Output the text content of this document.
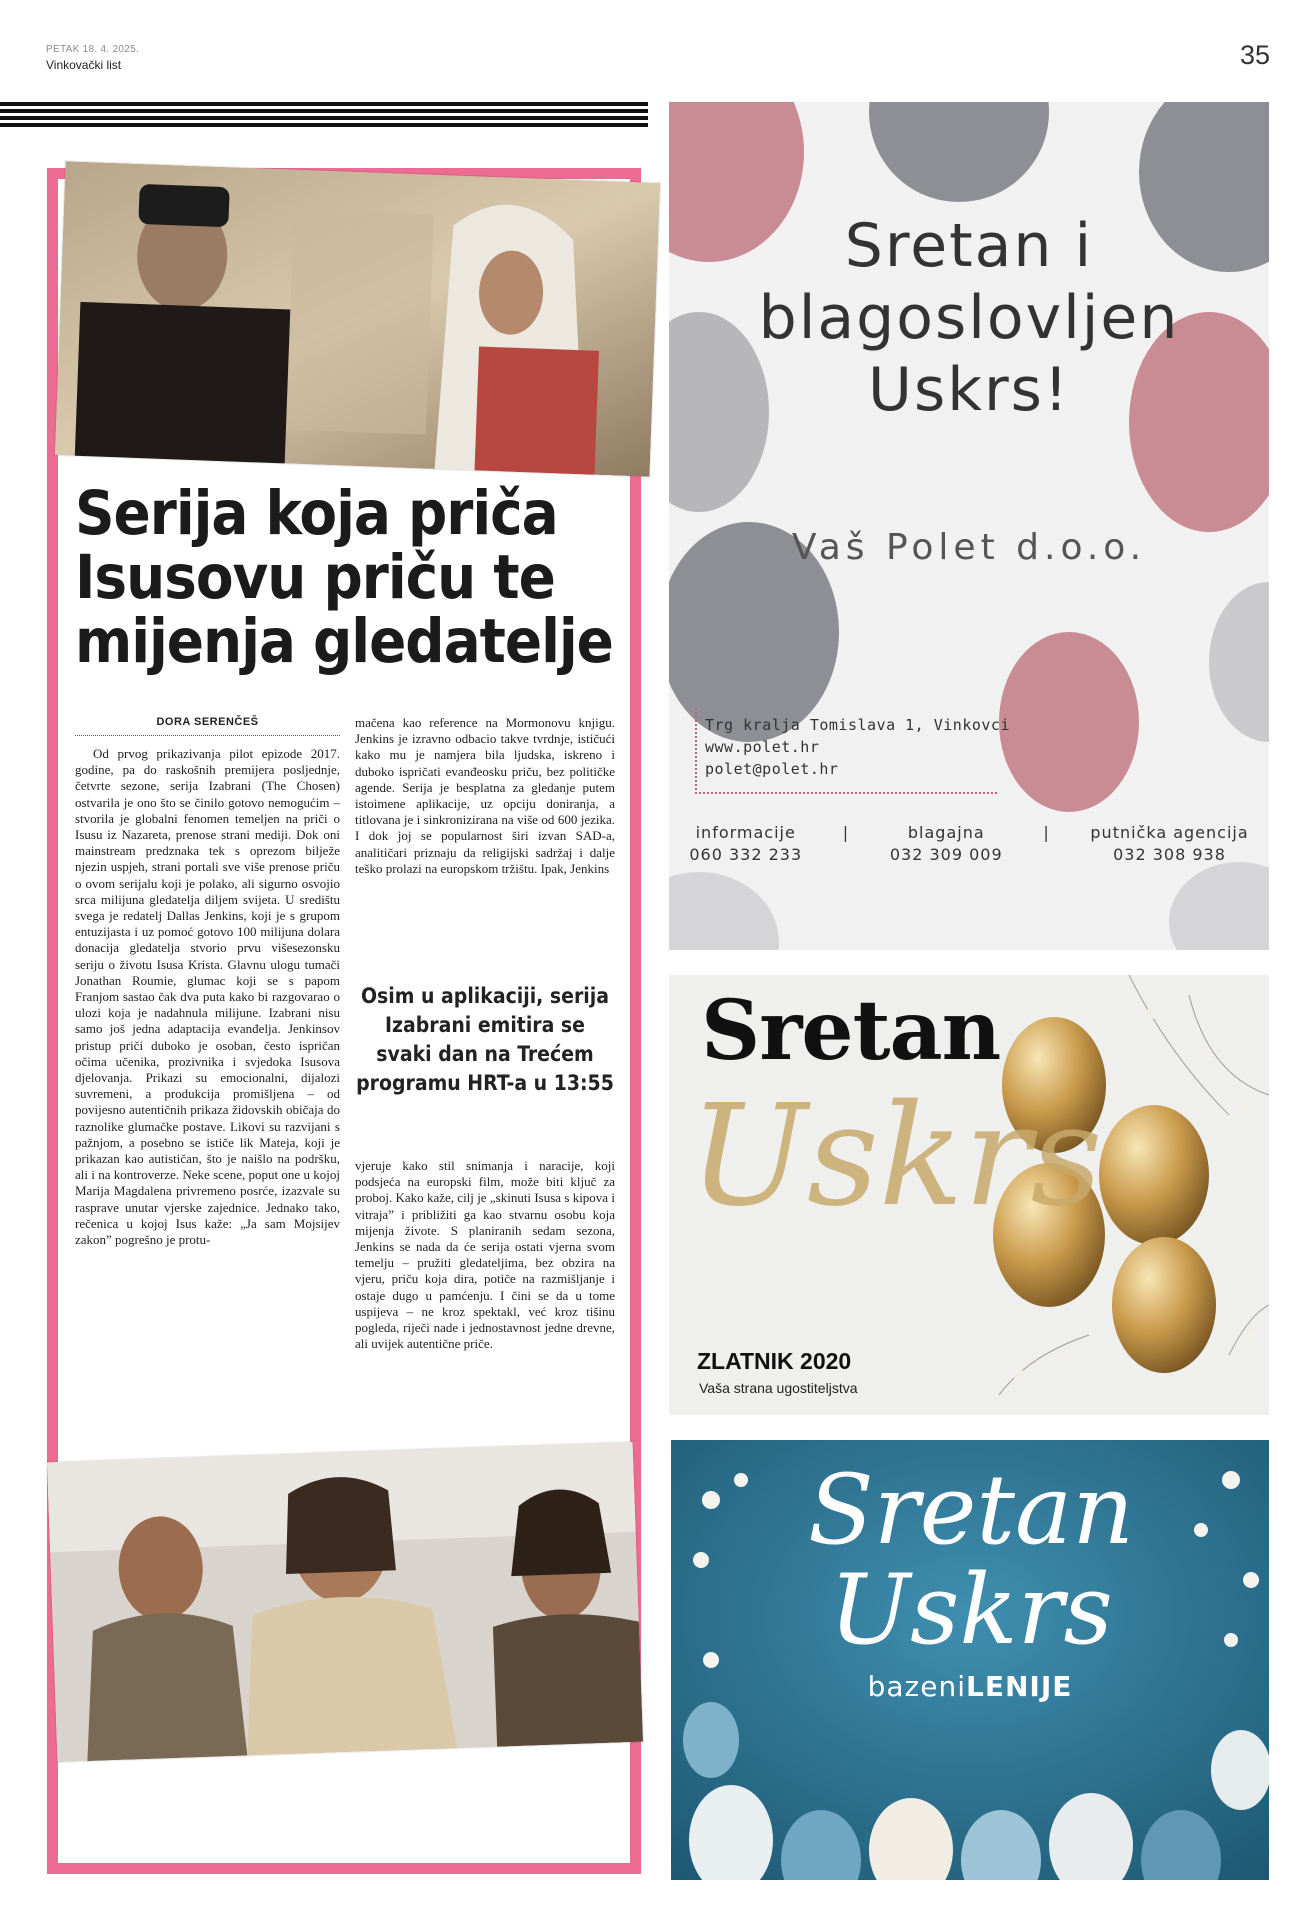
PETAK 18. 4. 2025.
Vinkovački list	35
Serija koja priča Isusovu priču te mijenja gledatelje
DORA SERENČEŠ

Od prvog prikazivanja pilot epizode 2017. godine, pa do raskošnih premijera posljednje, četvrte sezone, serija Izabrani (The Chosen) ostvarila je ono što se činilo gotovo nemogućim – stvorila je globalni fenomen temeljen na priči o Isusu iz Nazareta, prenose strani mediji. Dok oni mainstream predznaka tek s oprezom bilježe njezin uspjeh, strani portali sve više prenose priču o ovom serijalu koji je polako, ali sigurno osvojio srca milijuna gledatelja diljem svijeta. U središtu svega je redatelj Dallas Jenkins, koji je s grupom entuzijasta i uz pomoć gotovo 100 milijuna dolara donacija gledatelja stvorio prvu višesezonsku seriju o životu Isusa Krista. Glavnu ulogu tumači Jonathan Roumie, glumac koji se s papom Franjom sastao čak dva puta kako bi razgovarao o ulozi koja je nadahnula milijune. Izabrani nisu samo još jedna adaptacija evanđelja. Jenkinsov pristup priči duboko je osoban, često ispričan očima učenika, prozivnika i svjedoka Isusova djelovanja. Prikazi su emocionalni, dijalozi suvremeni, a produkcija promišljena – od povijesno autentičnih prikaza židovskih običaja do raznolike glumačke postave. Likovi su razvijani s pažnjom, a posebno se ističe lik Mateja, koji je prikazan kao autističan, što je naišlo na podršku, ali i na kontroverze. Neke scene, poput one u kojoj Marija Magdalena privremeno posrće, izazvale su rasprave unutar vjerske zajednice. Jednako tako, rečenica u kojoj Isus kaže: „Ja sam Mojsijev zakon” pogrešno je protu-

mačena kao reference na Mormonovu knjigu. Jenkins je izravno odbacio takve tvrdnje, ističući kako mu je namjera bila ljudska, iskreno i duboko ispričati evanđeosku priču, bez političke agende. Serija je besplatna za gledanje putem istoimene aplikacije, uz opciju doniranja, a titlovana je i sinkronizirana na više od 600 jezika. I dok joj se popularnost širi izvan SAD-a, analitičari priznaju da religijski sadržaj i dalje teško prolazi na europskom tržištu. Ipak, Jenkins

Osim u aplikaciji, serija Izabrani emitira se svaki dan na Trećem programu HRT-a u 13:55

vjeruje kako stil snimanja i naracije, koji podsjeća na europski film, može biti ključ za proboj. Kako kaže, cilj je „skinuti Isusa s kipova i vitraja” i približiti ga kao stvarnu osobu koja mijenja živote. S planiranih sedam sezona, Jenkins se nada da će serija ostati vjerna svom temelju – pružiti gledateljima, bez obzira na vjeru, priču koja dira, potiče na razmišljanje i ostaje dugo u pamćenju. I čini se da u tome uspijeva – ne kroz spektakl, već kroz tišinu pogleda, riječi nade i jednostavnost jedne drevne, ali uvijek autentične priče.

Sretan i
blagoslovljen
Uskrs!
Vaš Polet d.o.o.
Trg kralja Tomislava 1, Vinkovci
www.polet.hr
polet@polet.hr
informacije
060 332 233
|	blagajna
032 309 009
|	putnička agencija
032 308 938
Sretan
Uskrs
ZLATNIK 2020
Vaša strana ugostiteljstva
Sretan
Uskrs
bazeniLENIJE
